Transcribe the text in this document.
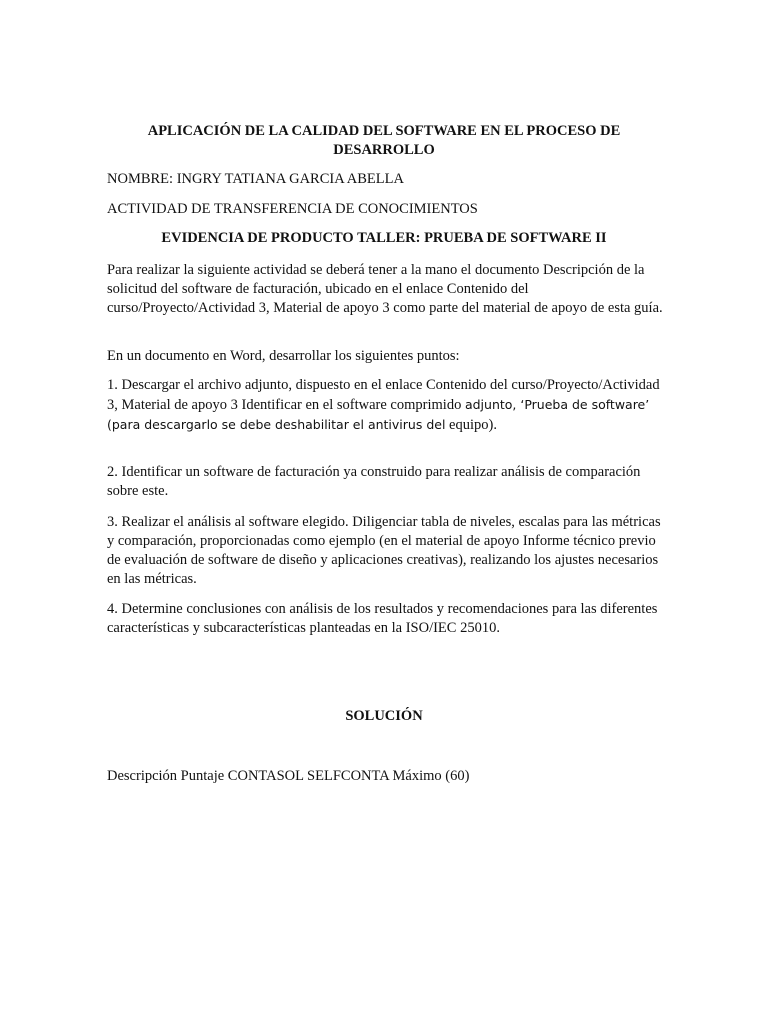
APLICACIÓN DE LA CALIDAD DEL SOFTWARE EN EL PROCESO DE DESARROLLO
NOMBRE: INGRY TATIANA GARCIA ABELLA
ACTIVIDAD DE TRANSFERENCIA DE CONOCIMIENTOS
EVIDENCIA DE PRODUCTO TALLER: PRUEBA DE SOFTWARE II
Para realizar la siguiente actividad se deberá tener a la mano el documento Descripción de la solicitud del software de facturación, ubicado en el enlace Contenido del curso/Proyecto/Actividad 3, Material de apoyo 3 como parte del material de apoyo de esta guía.
En un documento en Word, desarrollar los siguientes puntos:
1. Descargar el archivo adjunto, dispuesto en el enlace Contenido del curso/Proyecto/Actividad 3, Material de apoyo 3 Identificar en el software comprimido adjunto, ‘Prueba de software’ (para descargarlo se debe deshabilitar el antivirus del equipo).
2. Identificar un software de facturación ya construido para realizar análisis de comparación sobre este.
3. Realizar el análisis al software elegido. Diligenciar tabla de niveles, escalas para las métricas y comparación, proporcionadas como ejemplo (en el material de apoyo Informe técnico previo de evaluación de software de diseño y aplicaciones creativas), realizando los ajustes necesarios en las métricas.
4. Determine conclusiones con análisis de los resultados y recomendaciones para las diferentes características y subcaracterísticas planteadas en la ISO/IEC 25010.
SOLUCIÓN
Descripción Puntaje CONTASOL SELFCONTA Máximo (60)
